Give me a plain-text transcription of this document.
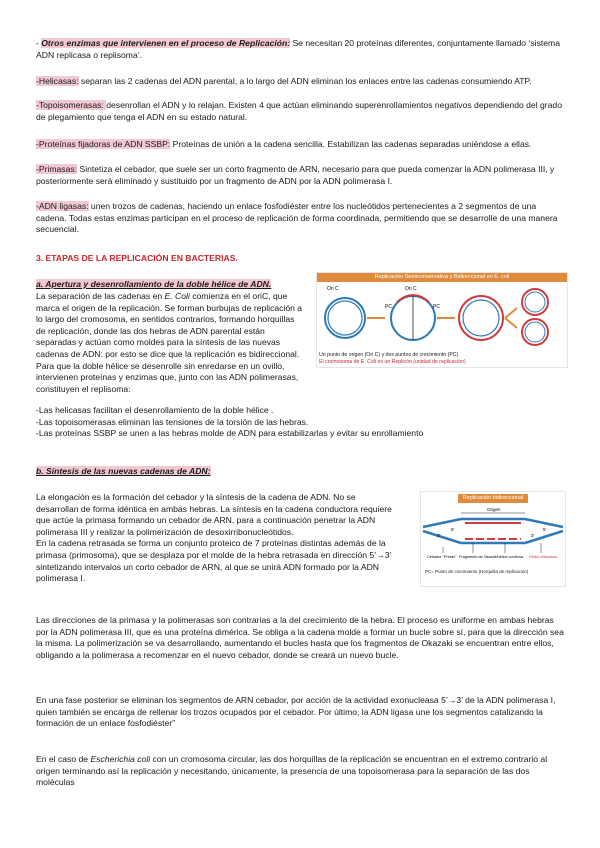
- Otros enzimas que intervienen en el proceso de Replicación: Se necesitan 20 proteínas diferentes, conjuntamente llamado ‘sistema ADN replicasa o replisoma’.

-Helicasas: separan las 2 cadenas del ADN parental, a lo largo del ADN eliminan los enlaces entre las cadenas consumiendo ATP.

-Topoisomerasas: desenrollan el ADN y lo relajan. Existen 4 que actúan eliminando superenrollamientos negativos dependiendo del grado de plegamiento que tenga el ADN en su estado natural.

-Proteínas fijadoras de ADN SSBP: Proteínas de unión a la cadena sencilla. Estabilizan las cadenas separadas uniéndose a ellas.

-Primasas: Sintetiza el cebador, que suele ser un corto fragmento de ARN, necesario para que pueda comenzar la ADN polimerasa III, y posteriormente será eliminado y sustituido por un fragmento de ADN por la ADN polimerasa I.

-ADN ligasas: unen trozos de cadenas, haciendo un enlace fosfodiéster entre los nucleótidos pertenecientes a 2 segmentos de una cadena. Todas estas enzimas participan en el proceso de replicación de forma coordinada, permitiendo que se desarrolle de una manera secuencial.

3. ETAPAS DE LA REPLICACIÓN EN BACTERIAS.

a. Apertura y desenrollamiento de la doble hélice de ADN.

La separación de las cadenas en E. Coli comienza en el oriC, que marca el origen de la replicación. Se forman burbujas de replicación a lo largo del cromosoma, en sentidos contrarios, formando horquillas de replicación, donde las dos hebras de ADN parental están separadas y actúan como moldes para la síntesis de las nuevas cadenas de ADN: por esto se dice que la replicación es bidireccional. Para que la doble hélice se desenrolle sin enredarse en un ovillo, intervienen proteínas y enzimas que, junto con las ADN polimerasas, constituyen el replisoma:

Replicación Semiconservativa y Bidireccional en E. coli
Ori C	Ori C
PC	PC
Un punto de origen (Ori C) y dos puntos de crecimiento (PC)
El cromosoma de E. Coli es un Replicón (unidad de replicación)

-Las helicasas facilitan el desenrollamiento de la doble hélice .

-Las topoisomerasas eliminan las tensiones de la torsión de las hebras.

-Las proteínas SSBP se unen a las hebras molde de ADN para estabilizarlas y evitar su enrollamiento

b. Síntesis de las nuevas cadenas de ADN:

La elongación es la formación del cebador y la síntesis de la cadena de ADN. No se desarrollan de forma idéntica en ambas hebras. La síntesis en la cadena conductora requiere que actúe la primasa formando un cebador de ARN, para a continuación penetrar la ADN polimerasa III y realizar la polimerización de desoxirribonucleótidos.

En la cadena retrasada se forma un conjunto proteico de 7 proteínas distintas además de la primasa (primosoma), que se desplaza por el molde de la hebra retrasada en dirección 5’→3’ sintetizando intervalos un corto cebador de ARN, al que se unirá ADN formado por la ADN polimerasa I.

Replicación bidireccional
Origen
3'
5'
3'
5'
Cebador "Primer" Fragmento de Okazaki Hélice continua Hélice retardada
PC= Punto de crecimiento (Horquilla de replicación)
Las direcciones de la primasa y la polimerasas son contrarias a la del crecimiento de la hebra. El proceso es uniforme en ambas hebras por la ADN polimerasa III, que es una proteína dimérica. Se obliga a la cadena molde a formar un bucle sobre sí, para que la dirección sea la misma. La polimerización se va desarrollando, aumentando el bucles hasta que los fragmentos de Okazaki se encuentran entre ellos, obligando a la polimerasa a recomenzar en el nuevo cebador, donde se creará un nuevo bucle.
En una fase posterior se eliminan los segmentos de ARN cebador, por acción de la actividad exonucleasa 5’→3’ de la ADN polimerasa I, quien también se encarga de rellenar los trozos ocupados por el cebador. Por último, la ADN ligasa une los segmentos catalizando la formación de un enlace fosfodiéster”

En el caso de Escherichia coli con un cromosoma circular, las dos horquillas de la replicación se encuentran en el extremo contrario al origen terminando así la replicación y necesitando, únicamente, la presencia de una topoisomerasa para la separación de las dos moléculas
